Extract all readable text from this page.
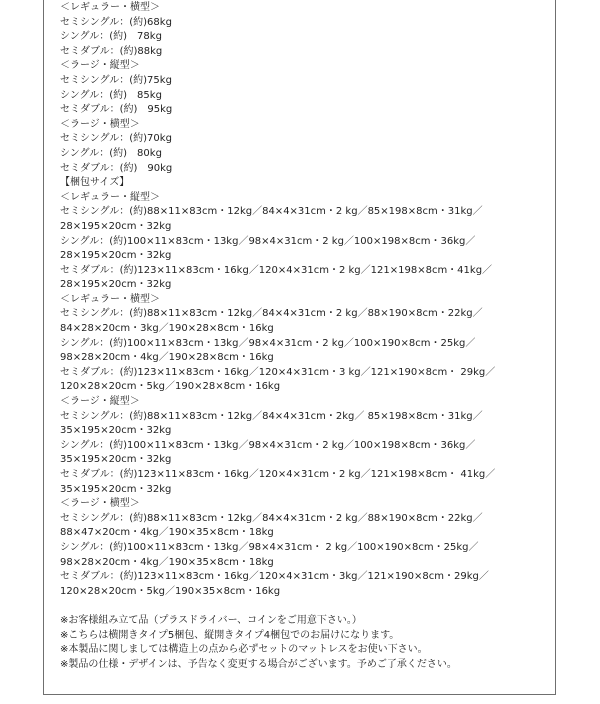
＜レギュラー・横型＞
セミシングル：(約)68kg
シングル：(約)　78kg
セミダブル：(約)88kg
＜ラージ・縦型＞
セミシングル：(約)75kg
シングル：(約)　85kg
セミダブル：(約)　95kg
＜ラージ・横型＞
セミシングル：(約)70kg
シングル：(約)　80kg
セミダブル：(約)　90kg
【梱包サイズ】
＜レギュラー・縦型＞
セミシングル：(約)88×11×83cm・12kg／84×4×31cm・2 kg／85×198×8cm・31kg／
28×195×20cm・32kg
シングル：(約)100×11×83cm・13kg／98×4×31cm・2 kg／100×198×8cm・36kg／
28×195×20cm・32kg
セミダブル：(約)123×11×83cm・16kg／120×4×31cm・2 kg／121×198×8cm・41kg／
28×195×20cm・32kg
＜レギュラー・横型＞
セミシングル：(約)88×11×83cm・12kg／84×4×31cm・2 kg／88×190×8cm・22kg／
84×28×20cm・3kg／190×28×8cm・16kg
シングル：(約)100×11×83cm・13kg／98×4×31cm・2 kg／100×190×8cm・25kg／
98×28×20cm・4kg／190×28×8cm・16kg
セミダブル：(約)123×11×83cm・16kg／120×4×31cm・3 kg／121×190×8cm・ 29kg／
120×28×20cm・5kg／190×28×8cm・16kg
＜ラージ・縦型＞
セミシングル：(約)88×11×83cm・12kg／84×4×31cm・2kg／ 85×198×8cm・31kg／
35×195×20cm・32kg
シングル：(約)100×11×83cm・13kg／98×4×31cm・2 kg／100×198×8cm・36kg／
35×195×20cm・32kg
セミダブル：(約)123×11×83cm・16kg／120×4×31cm・2 kg／121×198×8cm・ 41kg／
35×195×20cm・32kg
＜ラージ・横型＞
セミシングル：(約)88×11×83cm・12kg／84×4×31cm・2 kg／88×190×8cm・22kg／
88×47×20cm・4kg／190×35×8cm・18kg
シングル：(約)100×11×83cm・13kg／98×4×31cm・ 2 kg／100×190×8cm・25kg／
98×28×20cm・4kg／190×35×8cm・18kg
セミダブル：(約)123×11×83cm・16kg／120×4×31cm・3kg／121×190×8cm・29kg／
120×28×20cm・5kg／190×35×8cm・16kg
※お客様組み立て品（プラスドライバー、コインをご用意下さい。）
※こちらは横開きタイプ5梱包、縦開きタイプ4梱包でのお届けになります。
※本製品に関しましては構造上の点から必ずセットのマットレスをお使い下さい。
※製品の仕様・デザインは、予告なく変更する場合がございます。予めご了承ください。
